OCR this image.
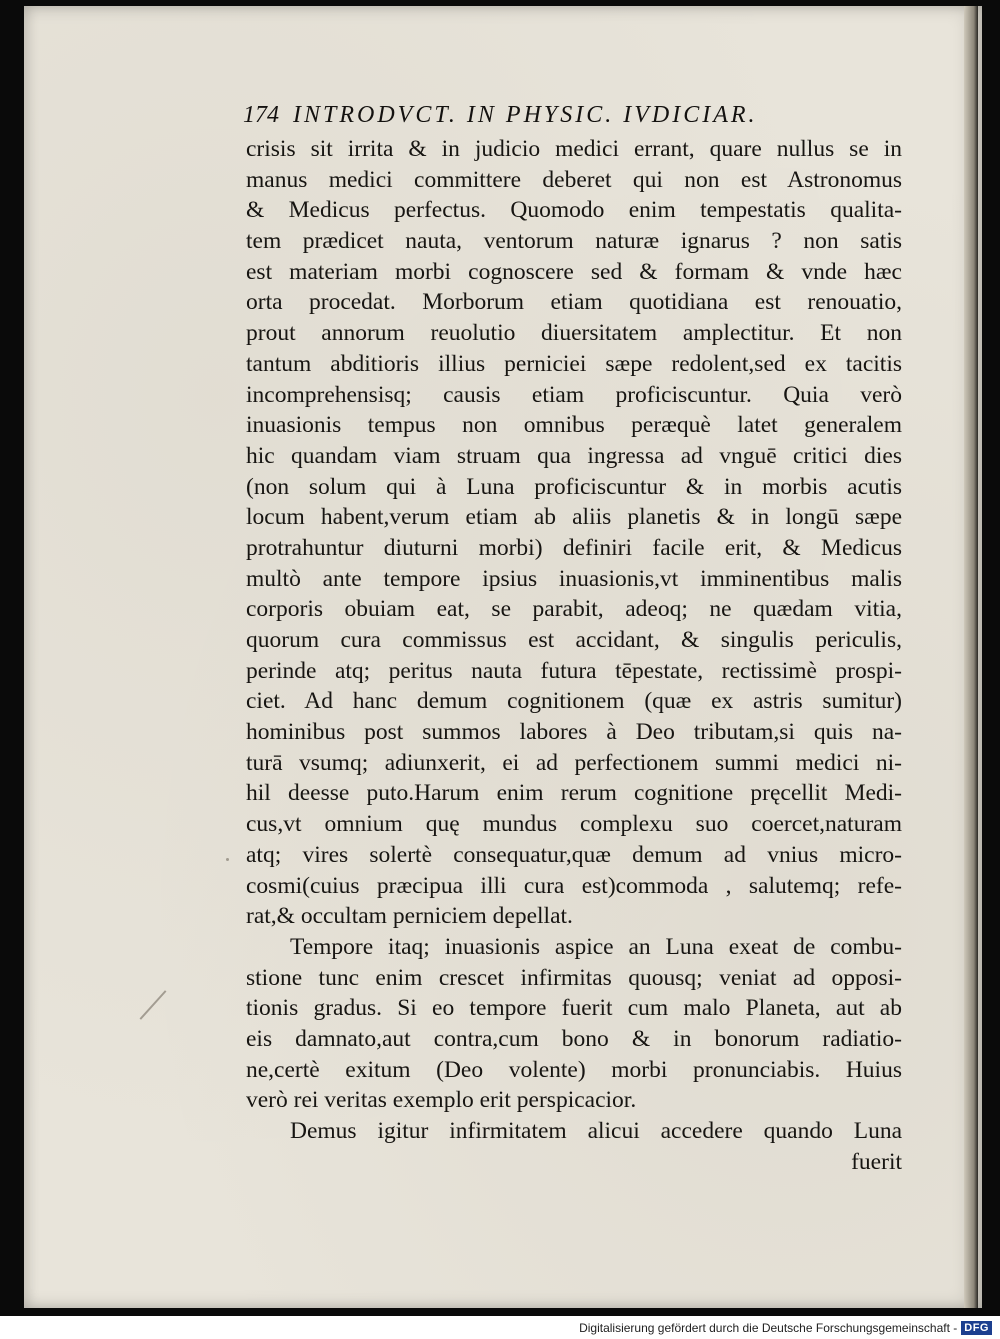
174 INTRODVCT. IN PHYSIC. IVDICIAR.
crisis sit irrita & in judicio medici errant, quare nullus se in
manus medici committere deberet qui non est Astronomus
& Medicus perfectus. Quomodo enim tempestatis qualita-
tem prædicet nauta, ventorum naturæ ignarus ? non satis
est materiam morbi cognoscere sed & formam & vnde hæc
orta procedat. Morborum etiam quotidiana est renouatio,
prout annorum reuolutio diuersitatem amplectitur. Et non
tantum abditioris illius perniciei sæpe redolent,sed ex tacitis
incomprehensisq; causis etiam proficiscuntur. Quia verò
inuasionis tempus non omnibus peræquè latet generalem
hic quandam viam struam qua ingressa ad vnguē critici dies
(non solum qui à Luna proficiscuntur & in morbis acutis
locum habent,verum etiam ab aliis planetis & in longū sæpe
protrahuntur diuturni morbi) definiri facile erit, & Medicus
multò ante tempore ipsius inuasionis,vt imminentibus malis
corporis obuiam eat, se parabit, adeoq; ne quædam vitia,
quorum cura commissus est accidant, & singulis periculis,
perinde atq; peritus nauta futura tēpestate, rectissimè prospi-
ciet. Ad hanc demum cognitionem (quæ ex astris sumitur)
hominibus post summos labores à Deo tributam,si quis na-
turā vsumq; adiunxerit, ei ad perfectionem summi medici ni-
hil deesse puto.Harum enim rerum cognitione pręcellit Medi-
cus,vt omnium quę mundus complexu suo coercet,naturam
atq; vires solertè consequatur,quæ demum ad vnius micro-
cosmi(cuius præcipua illi cura est)commoda , salutemq; refe-
rat,& occultam perniciem depellat.
Tempore itaq; inuasionis aspice an Luna exeat de combu-
stione tunc enim crescet infirmitas quousq; veniat ad opposi-
tionis gradus. Si eo tempore fuerit cum malo Planeta, aut ab
eis damnato,aut contra,cum bono & in bonorum radiatio-
ne,certè exitum (Deo volente) morbi pronunciabis. Huius
verò rei veritas exemplo erit perspicacior.
Demus igitur infirmitatem alicui accedere quando Luna
fuerit
Digitalisierung gefördert durch die Deutsche Forschungsgemeinschaft - DFG
